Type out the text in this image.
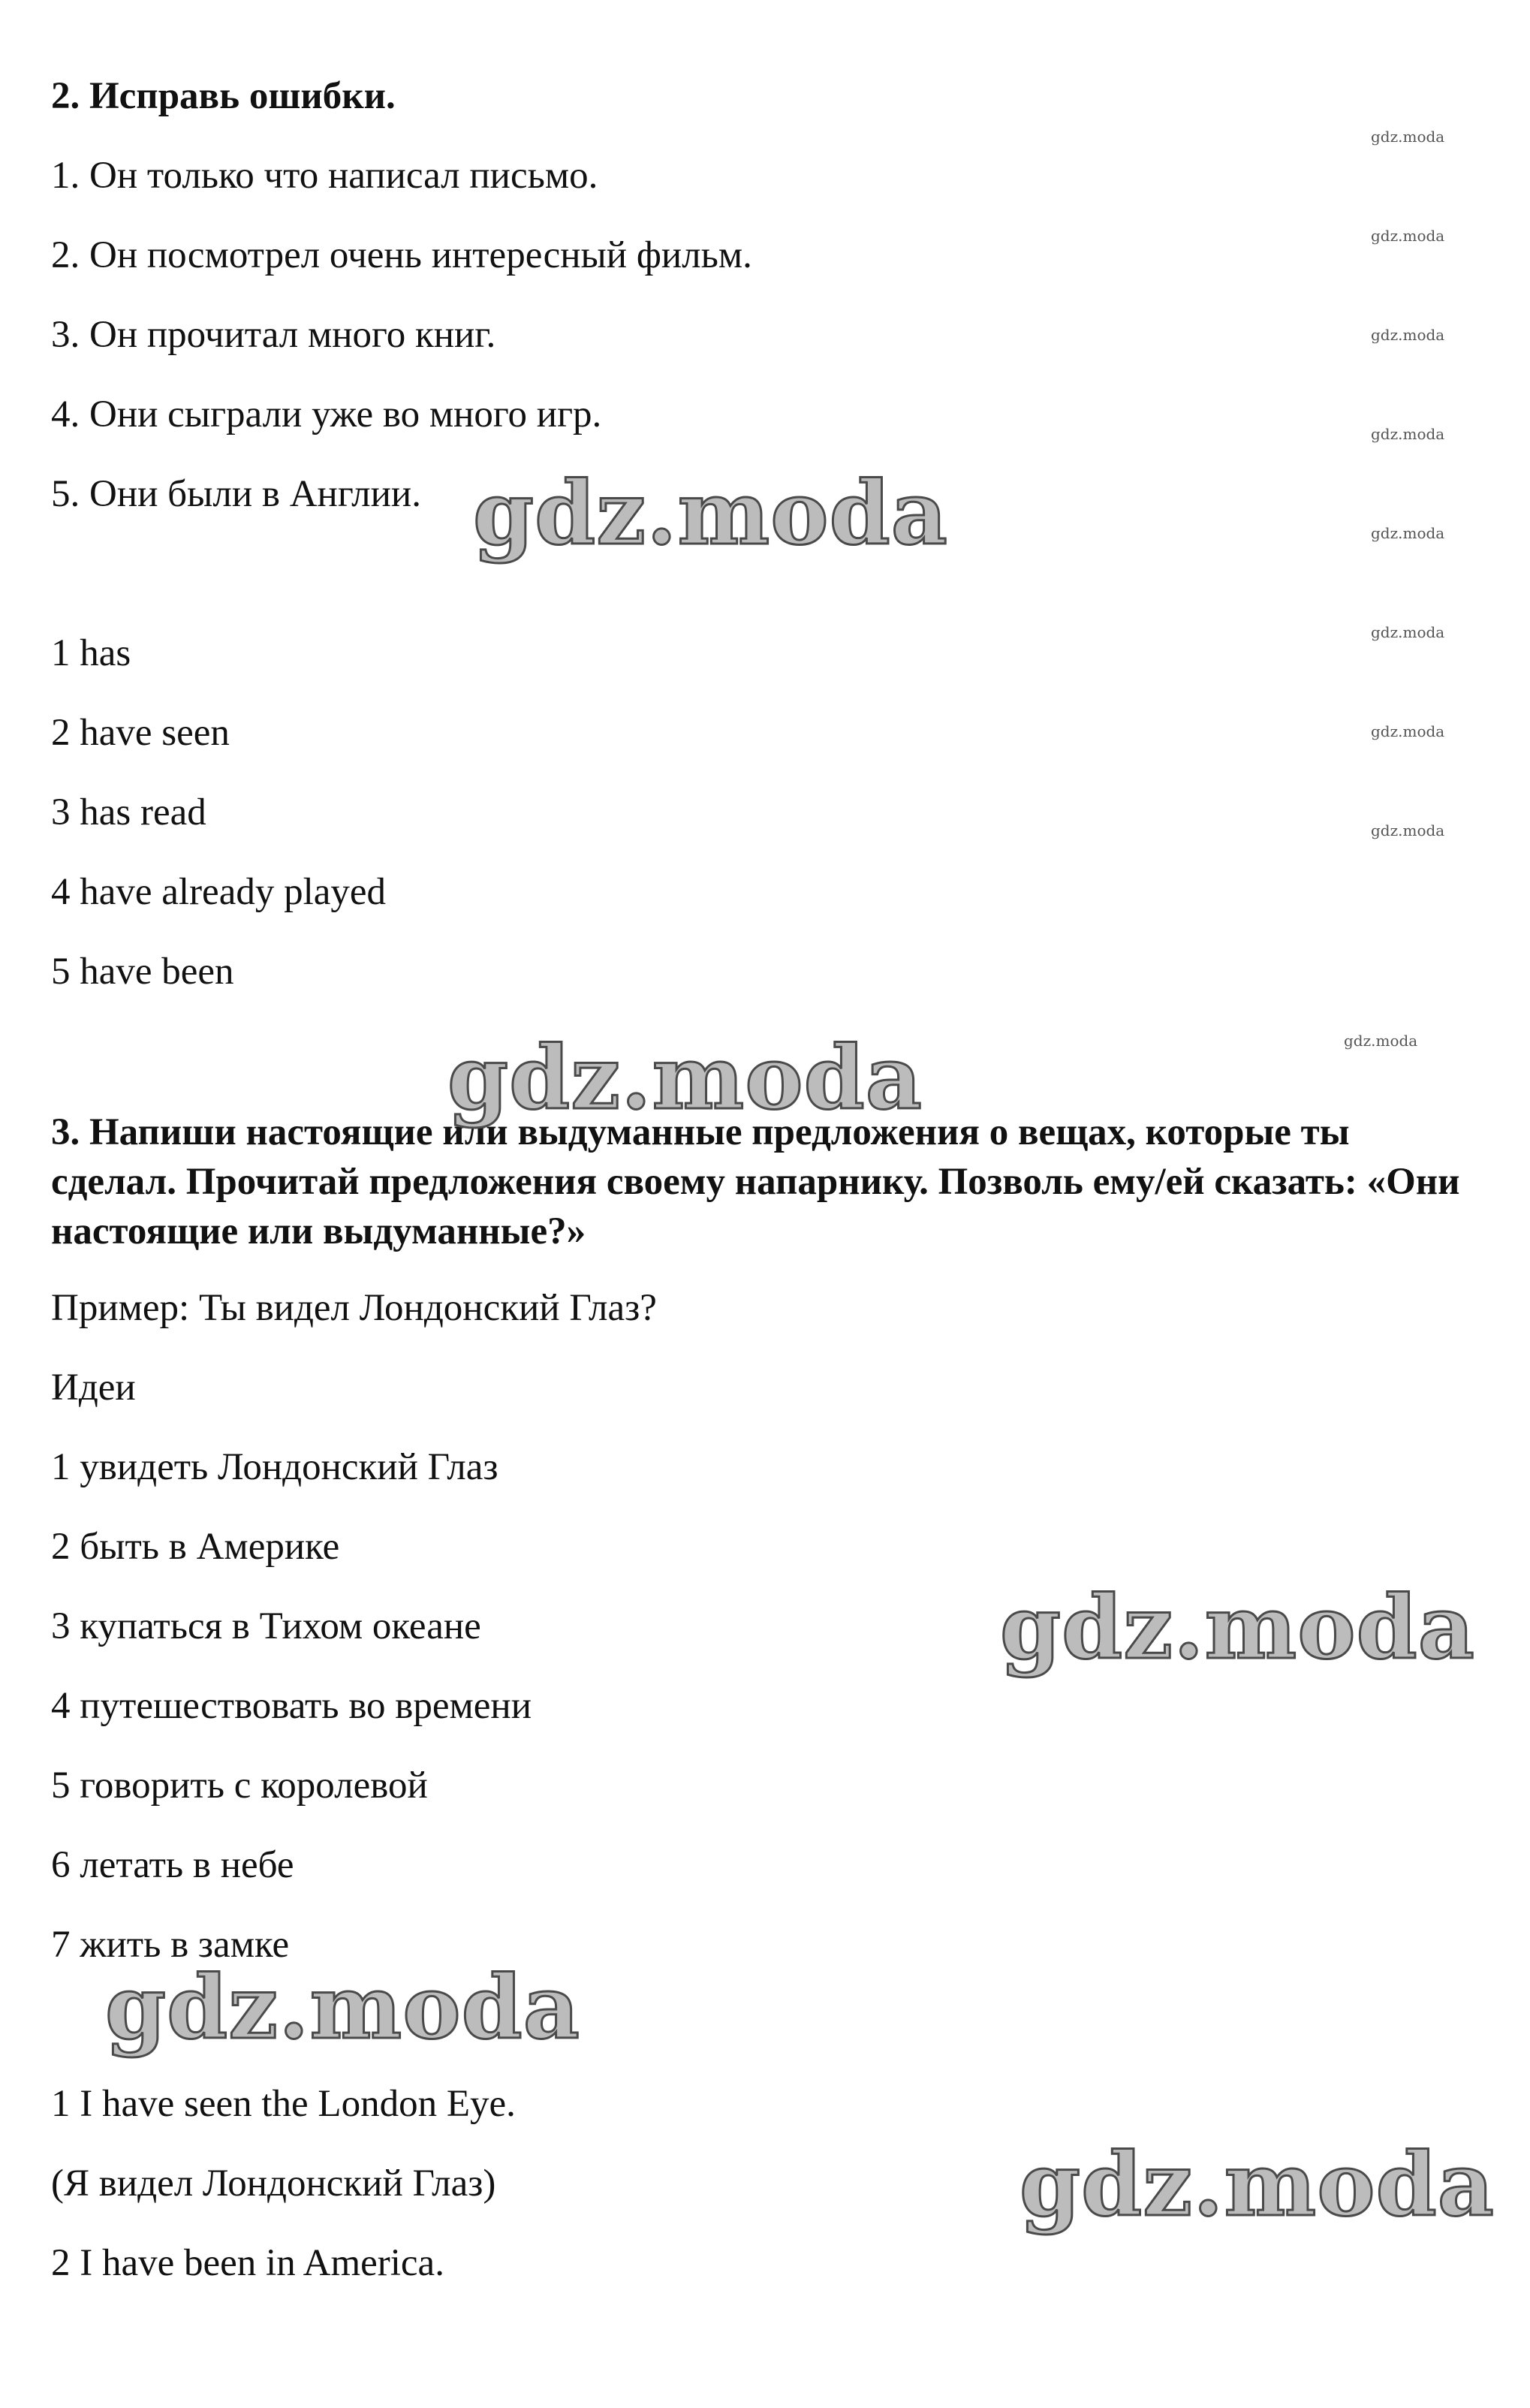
2. Исправь ошибки.

1. Он только что написал письмо.

2. Он посмотрел очень интересный фильм.

3. Он прочитал много книг.

4. Они сыграли уже во много игр.

5. Они были в Англии.

1 has

2 have seen

3 has read

4 have already played

5 have been

3. Напиши настоящие или выдуманные предложения о вещах, которые ты сделал. Прочитай предложения своему напарнику. Позволь ему/ей сказать: «Они настоящие или выдуманные?»

Пример: Ты видел Лондонский Глаз?

Идеи

1 увидеть Лондонский Глаз

2 быть в Америке

3 купаться в Тихом океане

4 путешествовать во времени

5 говорить с королевой

6 летать в небе

7 жить в замке

1 I have seen the London Eye.

(Я видел Лондонский Глаз)

2 I have been in America.

gdz.moda
gdz.moda
gdz.moda
gdz.moda
gdz.moda
gdz.moda
gdz.moda
gdz.moda
gdz.moda
gdz.moda
gdz.moda
gdz.moda
gdz.moda
gdz.moda
